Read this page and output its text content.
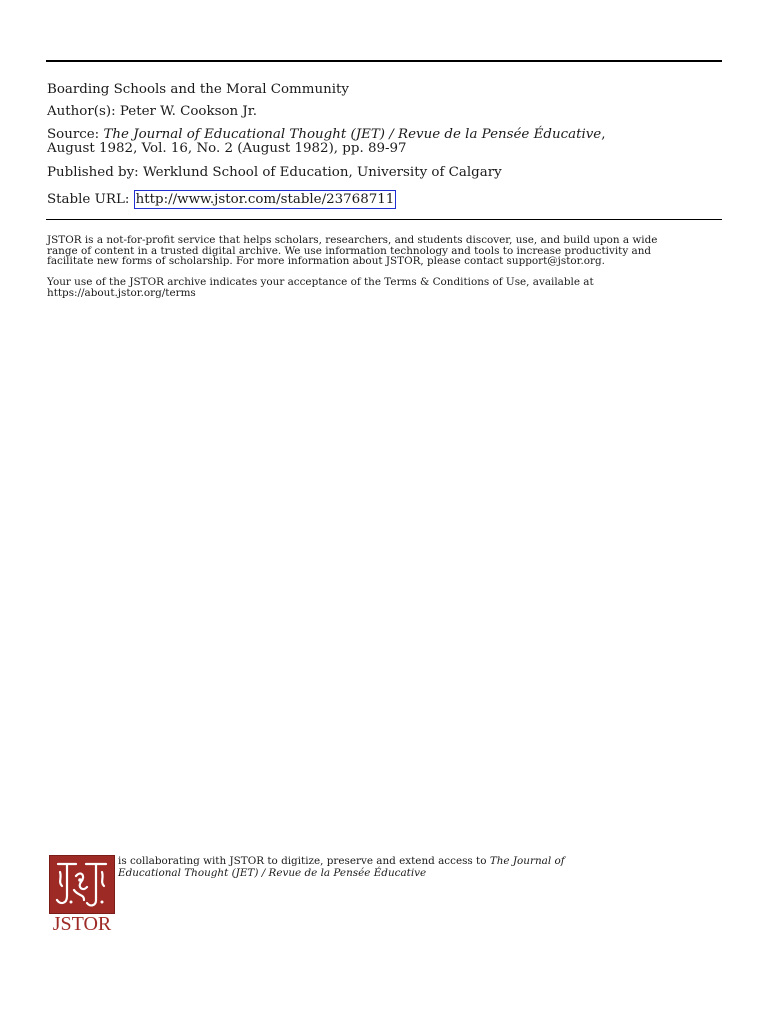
Boarding Schools and the Moral Community
Author(s): Peter W. Cookson Jr.
Source: The Journal of Educational Thought (JET) / Revue de la Pensée Éducative,
August 1982, Vol. 16, No. 2 (August 1982), pp. 89-97
Published by: Werklund School of Education, University of Calgary
Stable URL: http://www.jstor.com/stable/23768711
JSTOR is a not-for-profit service that helps scholars, researchers, and students discover, use, and build upon a wide
range of content in a trusted digital archive. We use information technology and tools to increase productivity and
facilitate new forms of scholarship. For more information about JSTOR, please contact support@jstor.org.
Your use of the JSTOR archive indicates your acceptance of the Terms & Conditions of Use, available at
https://about.jstor.org/terms
JSTOR
is collaborating with JSTOR to digitize, preserve and extend access to The Journal of
Educational Thought (JET) / Revue de la Pensée Éducative
